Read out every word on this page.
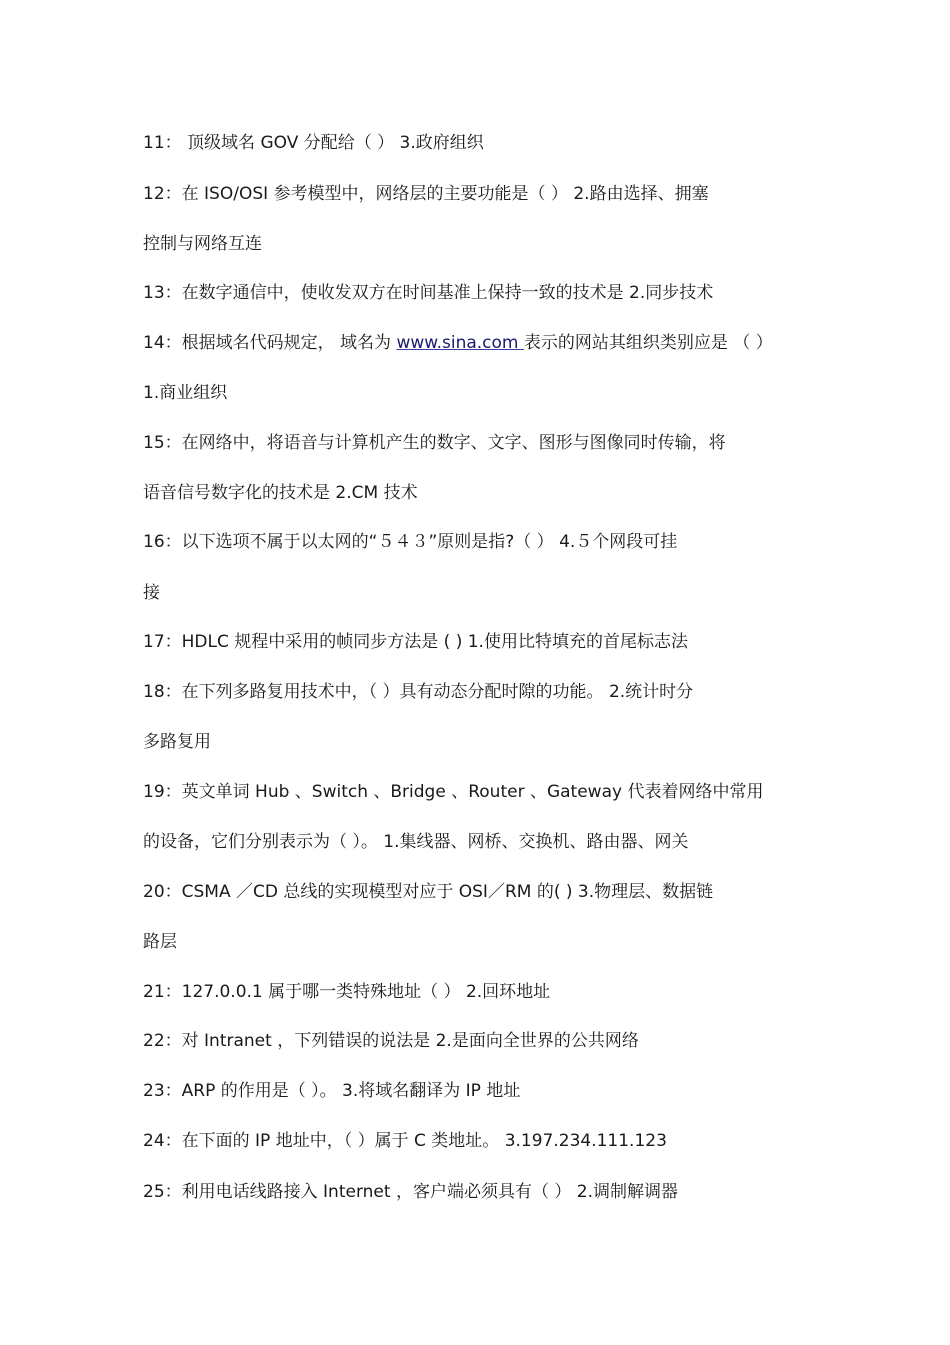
11： 顶级域名 GOV 分配给（ ） 3.政府组织
12：在 ISO/OSI 参考模型中，网络层的主要功能是（ ） 2.路由选择、拥塞
控制与网络互连
13：在数字通信中，使收发双方在时间基准上保持一致的技术是 2.同步技术
14：根据域名代码规定， 域名为 www.sina.com 表示的网站其组织类别应是 （ ）
1.商业组织
15：在网络中，将语音与计算机产生的数字、文字、图形与图像同时传输，将
语音信号数字化的技术是 2.CM 技术
16：以下选项不属于以太网的“５４３”原则是指?（ ） 4.５个网段可挂
接
17：HDLC 规程中采用的帧同步方法是 ( ) 1.使用比特填充的首尾标志法
18：在下列多路复用技术中，（ ）具有动态分配时隙的功能。 2.统计时分
多路复用
19：英文单词 Hub 、Switch 、Bridge 、Router 、Gateway 代表着网络中常用
的设备，它们分别表示为（ ）。 1.集线器、网桥、交换机、路由器、网关
20：CSMA ／CD 总线的实现模型对应于 OSI／RM 的( ) 3.物理层、数据链
路层
21：127.0.0.1 属于哪一类特殊地址（ ） 2.回环地址
22：对 Intranet ，下列错误的说法是 2.是面向全世界的公共网络
23：ARP 的作用是（ ）。 3.将域名翻译为 IP 地址
24：在下面的 IP 地址中，（ ）属于 C 类地址。 3.197.234.111.123
25：利用电话线路接入 Internet ，客户端必须具有（ ） 2.调制解调器
